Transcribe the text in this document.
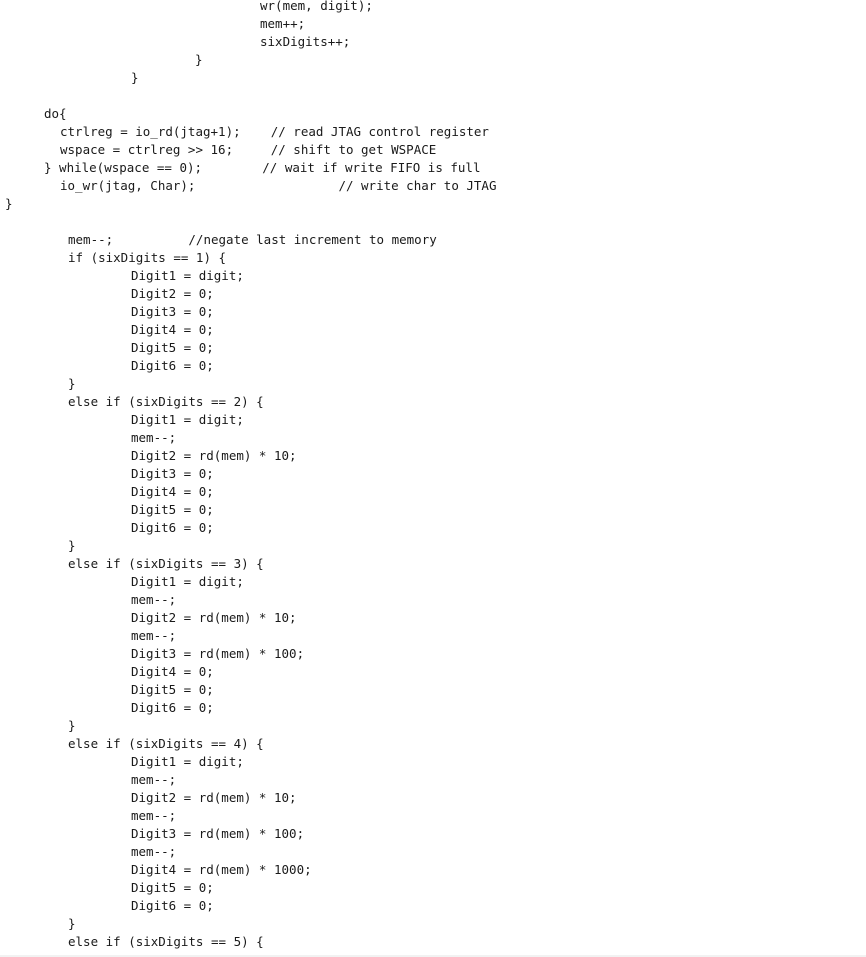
wr(mem, digit);
mem++;
sixDigits++;
}
}
do{
ctrlreg = io_rd(jtag+1);    // read JTAG control register
wspace = ctrlreg >> 16;     // shift to get WSPACE
} while(wspace == 0);        // wait if write FIFO is full
io_wr(jtag, Char);                   // write char to JTAG
}
mem--;          //negate last increment to memory
if (sixDigits == 1) {
Digit1 = digit;
Digit2 = 0;
Digit3 = 0;
Digit4 = 0;
Digit5 = 0;
Digit6 = 0;
}
else if (sixDigits == 2) {
Digit1 = digit;
mem--;
Digit2 = rd(mem) * 10;
Digit3 = 0;
Digit4 = 0;
Digit5 = 0;
Digit6 = 0;
}
else if (sixDigits == 3) {
Digit1 = digit;
mem--;
Digit2 = rd(mem) * 10;
mem--;
Digit3 = rd(mem) * 100;
Digit4 = 0;
Digit5 = 0;
Digit6 = 0;
}
else if (sixDigits == 4) {
Digit1 = digit;
mem--;
Digit2 = rd(mem) * 10;
mem--;
Digit3 = rd(mem) * 100;
mem--;
Digit4 = rd(mem) * 1000;
Digit5 = 0;
Digit6 = 0;
}
else if (sixDigits == 5) {
